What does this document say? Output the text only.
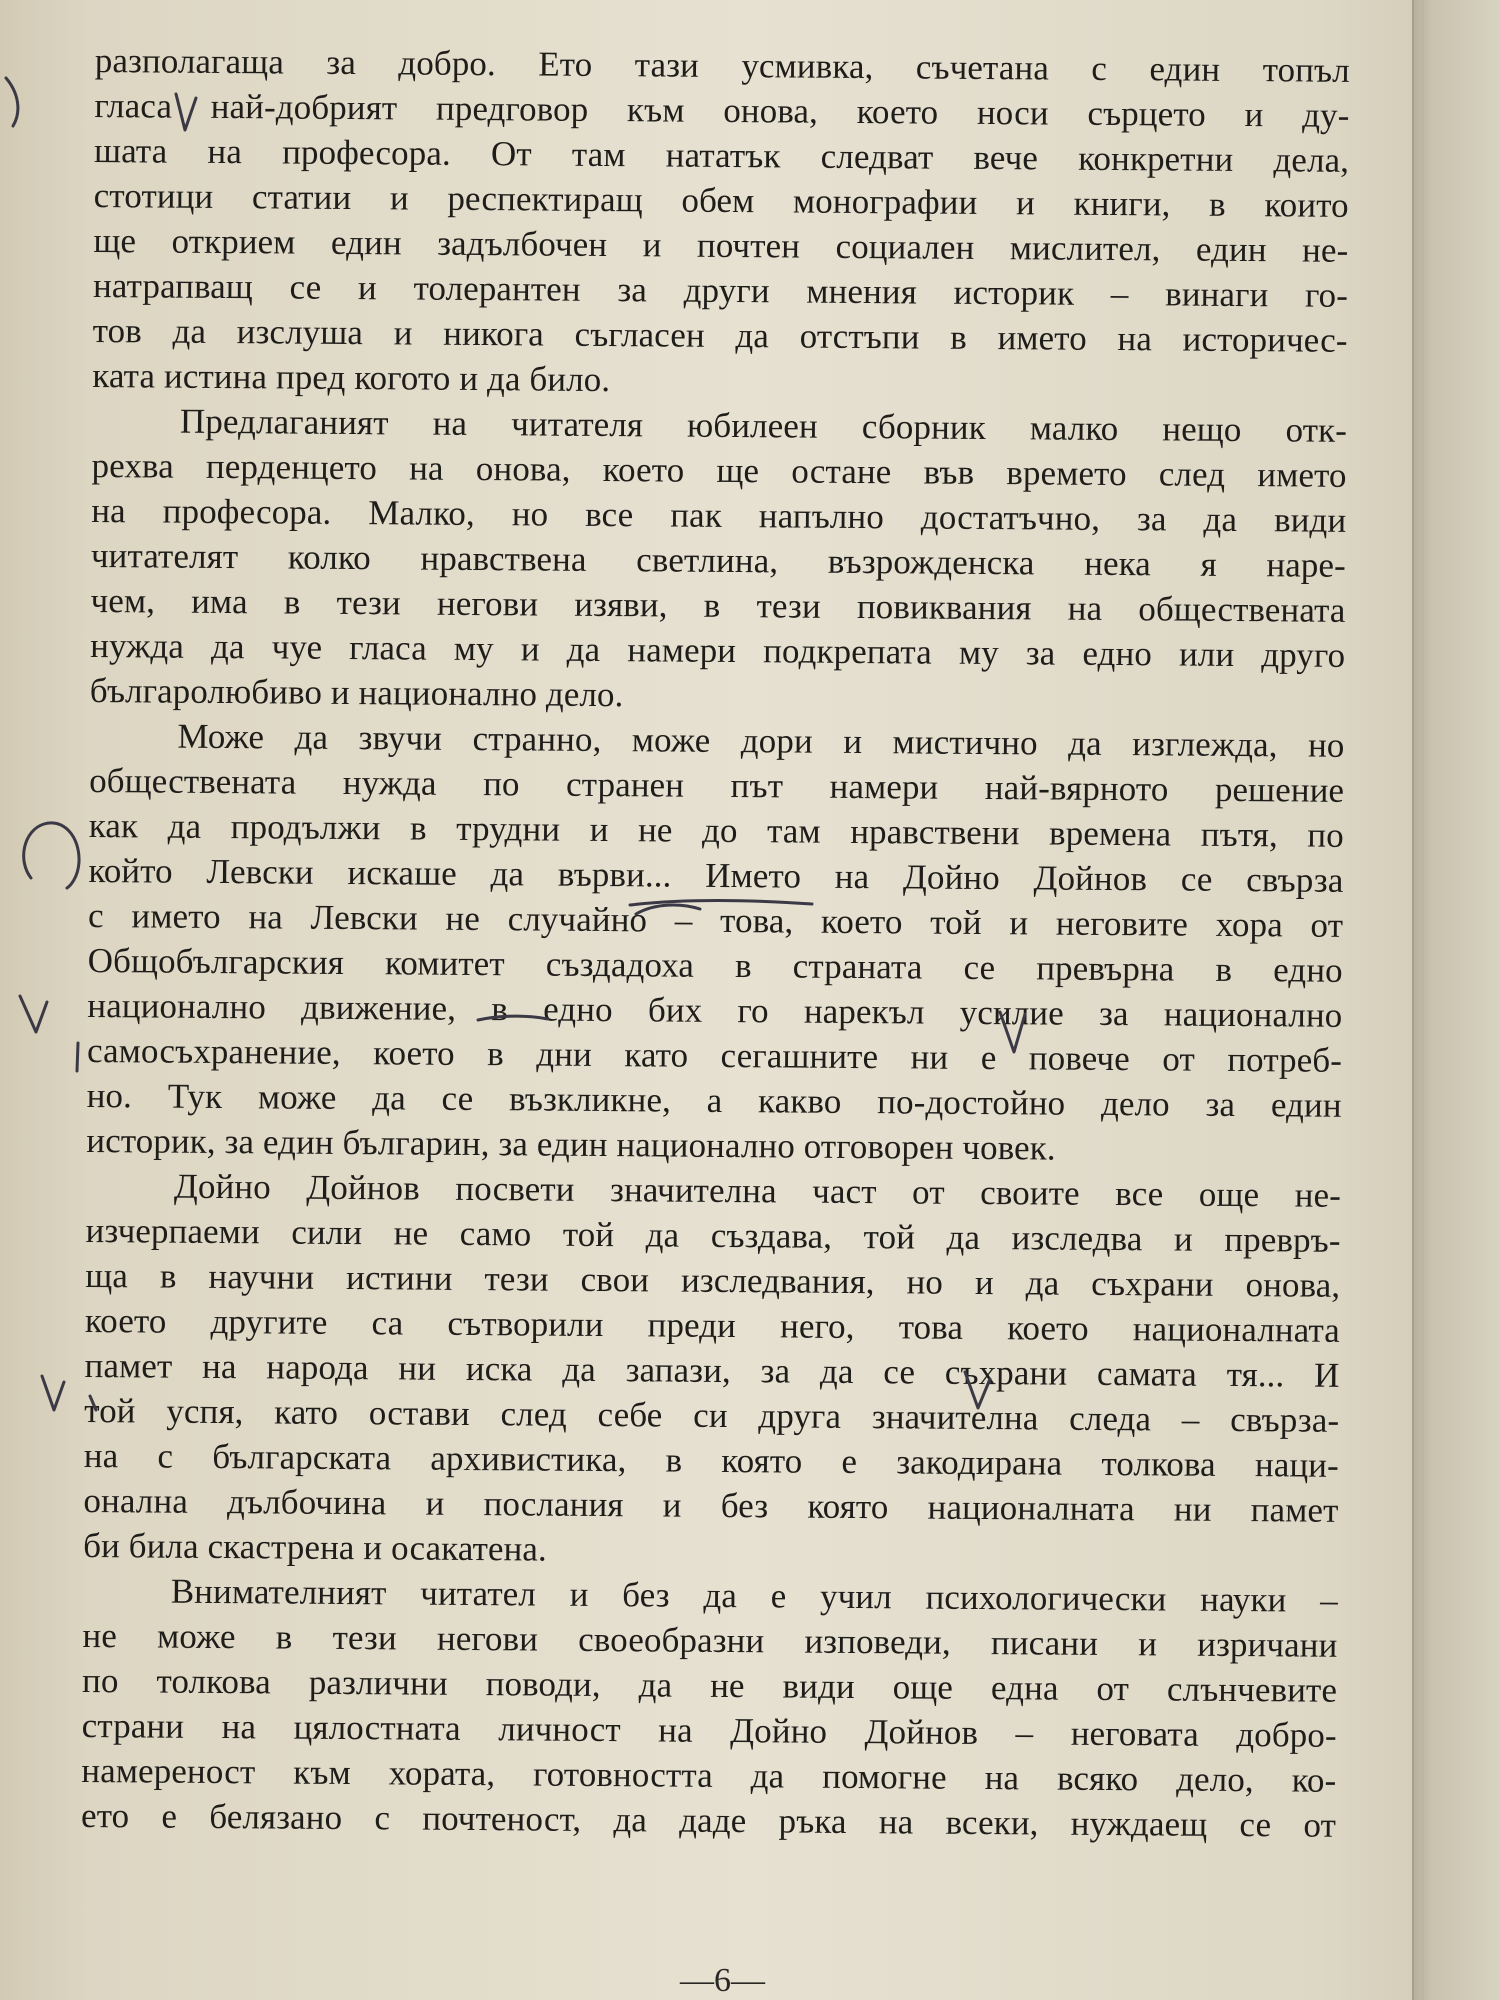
разполагаща за добро. Ето тази усмивка, съчетана с един топъл
гласа най-добрият предговор към онова, което носи сърцето и ду-
шата на професора. От там нататък следват вече конкретни дела,
стотици статии и респектиращ обем монографии и книги, в които
ще открием един задълбочен и почтен социален мислител, един не-
натрапващ се и толерантен за други мнения историк – винаги го-
тов да изслуша и никога съгласен да отстъпи в името на историчес-
ката истина пред когото и да било.
Предлаганият на читателя юбилеен сборник малко нещо отк-
рехва перденцето на онова, което ще остане във времето след името
на професора. Малко, но все пак напълно достатъчно, за да види
читателят колко нравствена светлина, възрожденска нека я наре-
чем, има в тези негови изяви, в тези повиквания на обществената
нужда да чуе гласа му и да намери подкрепата му за едно или друго
българолюбиво и национално дело.
Може да звучи странно, може дори и мистично да изглежда, но
обществената нужда по странен път намери най-вярното решение
как да продължи в трудни и не до там нравствени времена пътя, по
който Левски искаше да върви... Името на Дойно Дойнов се свърза
с името на Левски не случайно – това, което той и неговите хора от
Общобългарския комитет създадоха в страната се превърна в едно
национално движение, в едно бих го нарекъл усилие за национално
самосъхранение, което в дни като сегашните ни е повече от потреб-
но. Тук може да се възкликне, а какво по-достойно дело за един
историк, за един българин, за един национално отговорен човек.
Дойно Дойнов посвети значителна част от своите все още не-
изчерпаеми сили не само той да създава, той да изследва и превръ-
ща в научни истини тези свои изследвания, но и да съхрани онова,
което другите са сътворили преди него, това което националната
памет на народа ни иска да запази, за да се съхрани самата тя... И
той успя, като остави след себе си друга значителна следа – свърза-
на с българската архивистика, в която е закодирана толкова наци-
онална дълбочина и послания и без която националната ни памет
би била скастрена и осакатена.
Внимателният читател и без да е учил психологически науки –
не може в тези негови своеобразни изповеди, писани и изричани
по толкова различни поводи, да не види още една от слънчевите
страни на цялостната личност на Дойно Дойнов – неговата добро-
намереност към хората, готовността да помогне на всяко дело, ко-
ето е белязано с почтеност, да даде ръка на всеки, нуждаещ се от
—6—
